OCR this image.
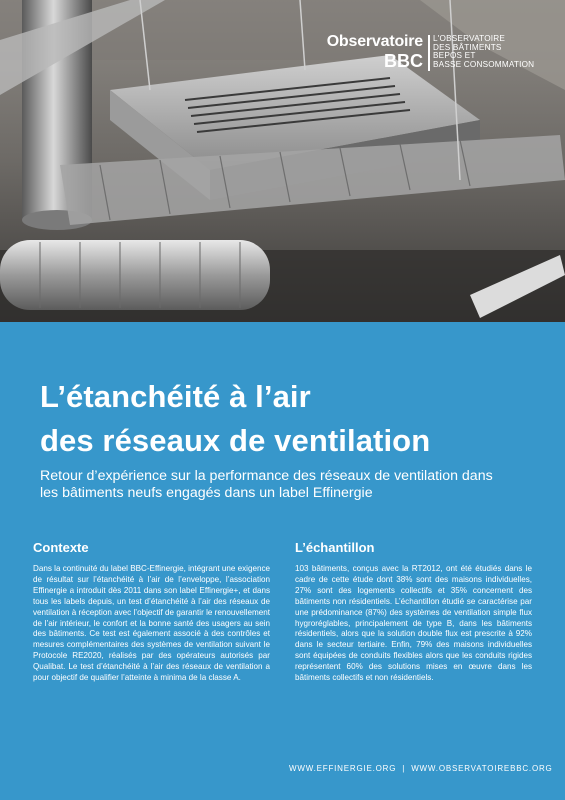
Observatoire
BBC
L'OBSERVATOIRE
DES BÂTIMENTS
BEPOS ET
BASSE CONSOMMATION
L’étanchéité à l’air
des réseaux de ventilation
Retour d’expérience sur la performance des réseaux de ventilation dans
les bâtiments neufs engagés dans un label Effinergie
Contexte

Dans la continuité du label BBC-Effinergie, intégrant une exigence de résultat sur l’étanchéité à l’air de l’enveloppe, l’association Effinergie a introduit dès 2011 dans son label Effinergie+, et dans tous les labels depuis, un test d’étanchéité à l’air des réseaux de ventilation à réception avec l’objectif de garantir le renouvellement de l’air intérieur, le confort et la bonne santé des usagers au sein des bâtiments. Ce test est également associé à des contrôles et mesures complémentaires des systèmes de ventilation suivant le Protocole RE2020, réalisés par des opérateurs autorisés par Qualibat. Le test d’étanchéité à l’air des réseaux de ventilation a pour objectif de qualifier l’atteinte à minima de la classe A.

L’échantillon

103 bâtiments, conçus avec la RT2012, ont été étudiés dans le cadre de cette étude dont 38% sont des maisons individuelles, 27% sont des logements collectifs et 35% concernent des bâtiments non résidentiels. L’échantillon étudié se caractérise par une prédominance (87%) des systèmes de ventilation simple flux hygroréglables, principalement de type B, dans les bâtiments résidentiels, alors que la solution double flux est prescrite à 92% dans le secteur tertiaire. Enfin, 79% des maisons individuelles sont équipées de conduits flexibles alors que les conduits rigides représentent 60% des solutions mises en œuvre dans les bâtiments collectifs et non résidentiels.

WWW.EFFINERGIE.ORG | WWW.OBSERVATOIREBBC.ORG
